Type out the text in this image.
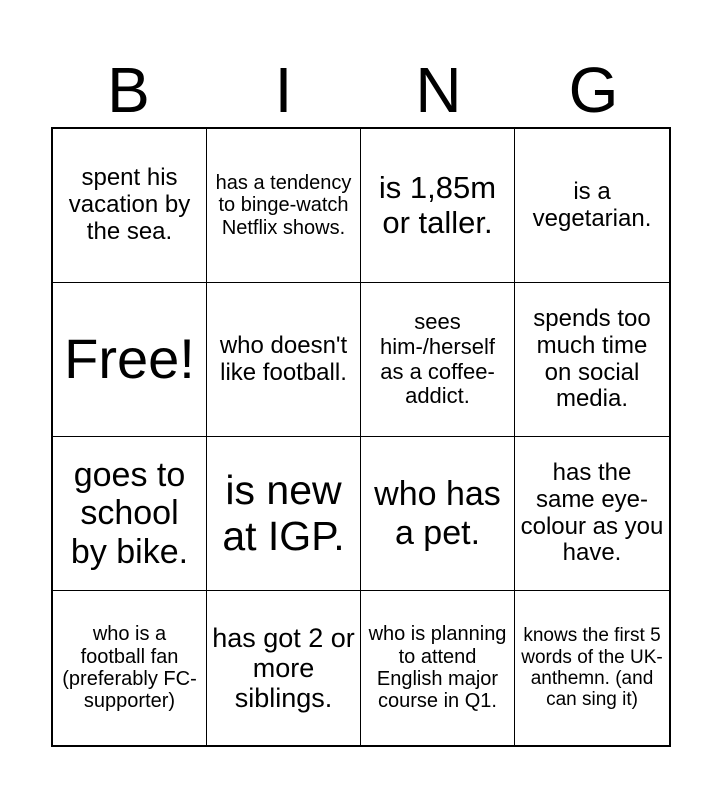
B	I	N	G
spent his vacation by the sea.
has a tendency to binge-watch Netflix shows.
is 1,85m or taller.
is a vegetarian.
Free!	who doesn't like football.
sees him-/herself as a coffee-addict.
spends too much time on social media.
goes to school by bike.
is new at IGP.
who has a pet.
has the same eye-colour as you have.
who is a football fan (preferably FC-supporter)
has got 2 or more siblings.
who is planning to attend English major course in Q1.
knows the first 5 words of the UK-anthemn. (and can sing it)
